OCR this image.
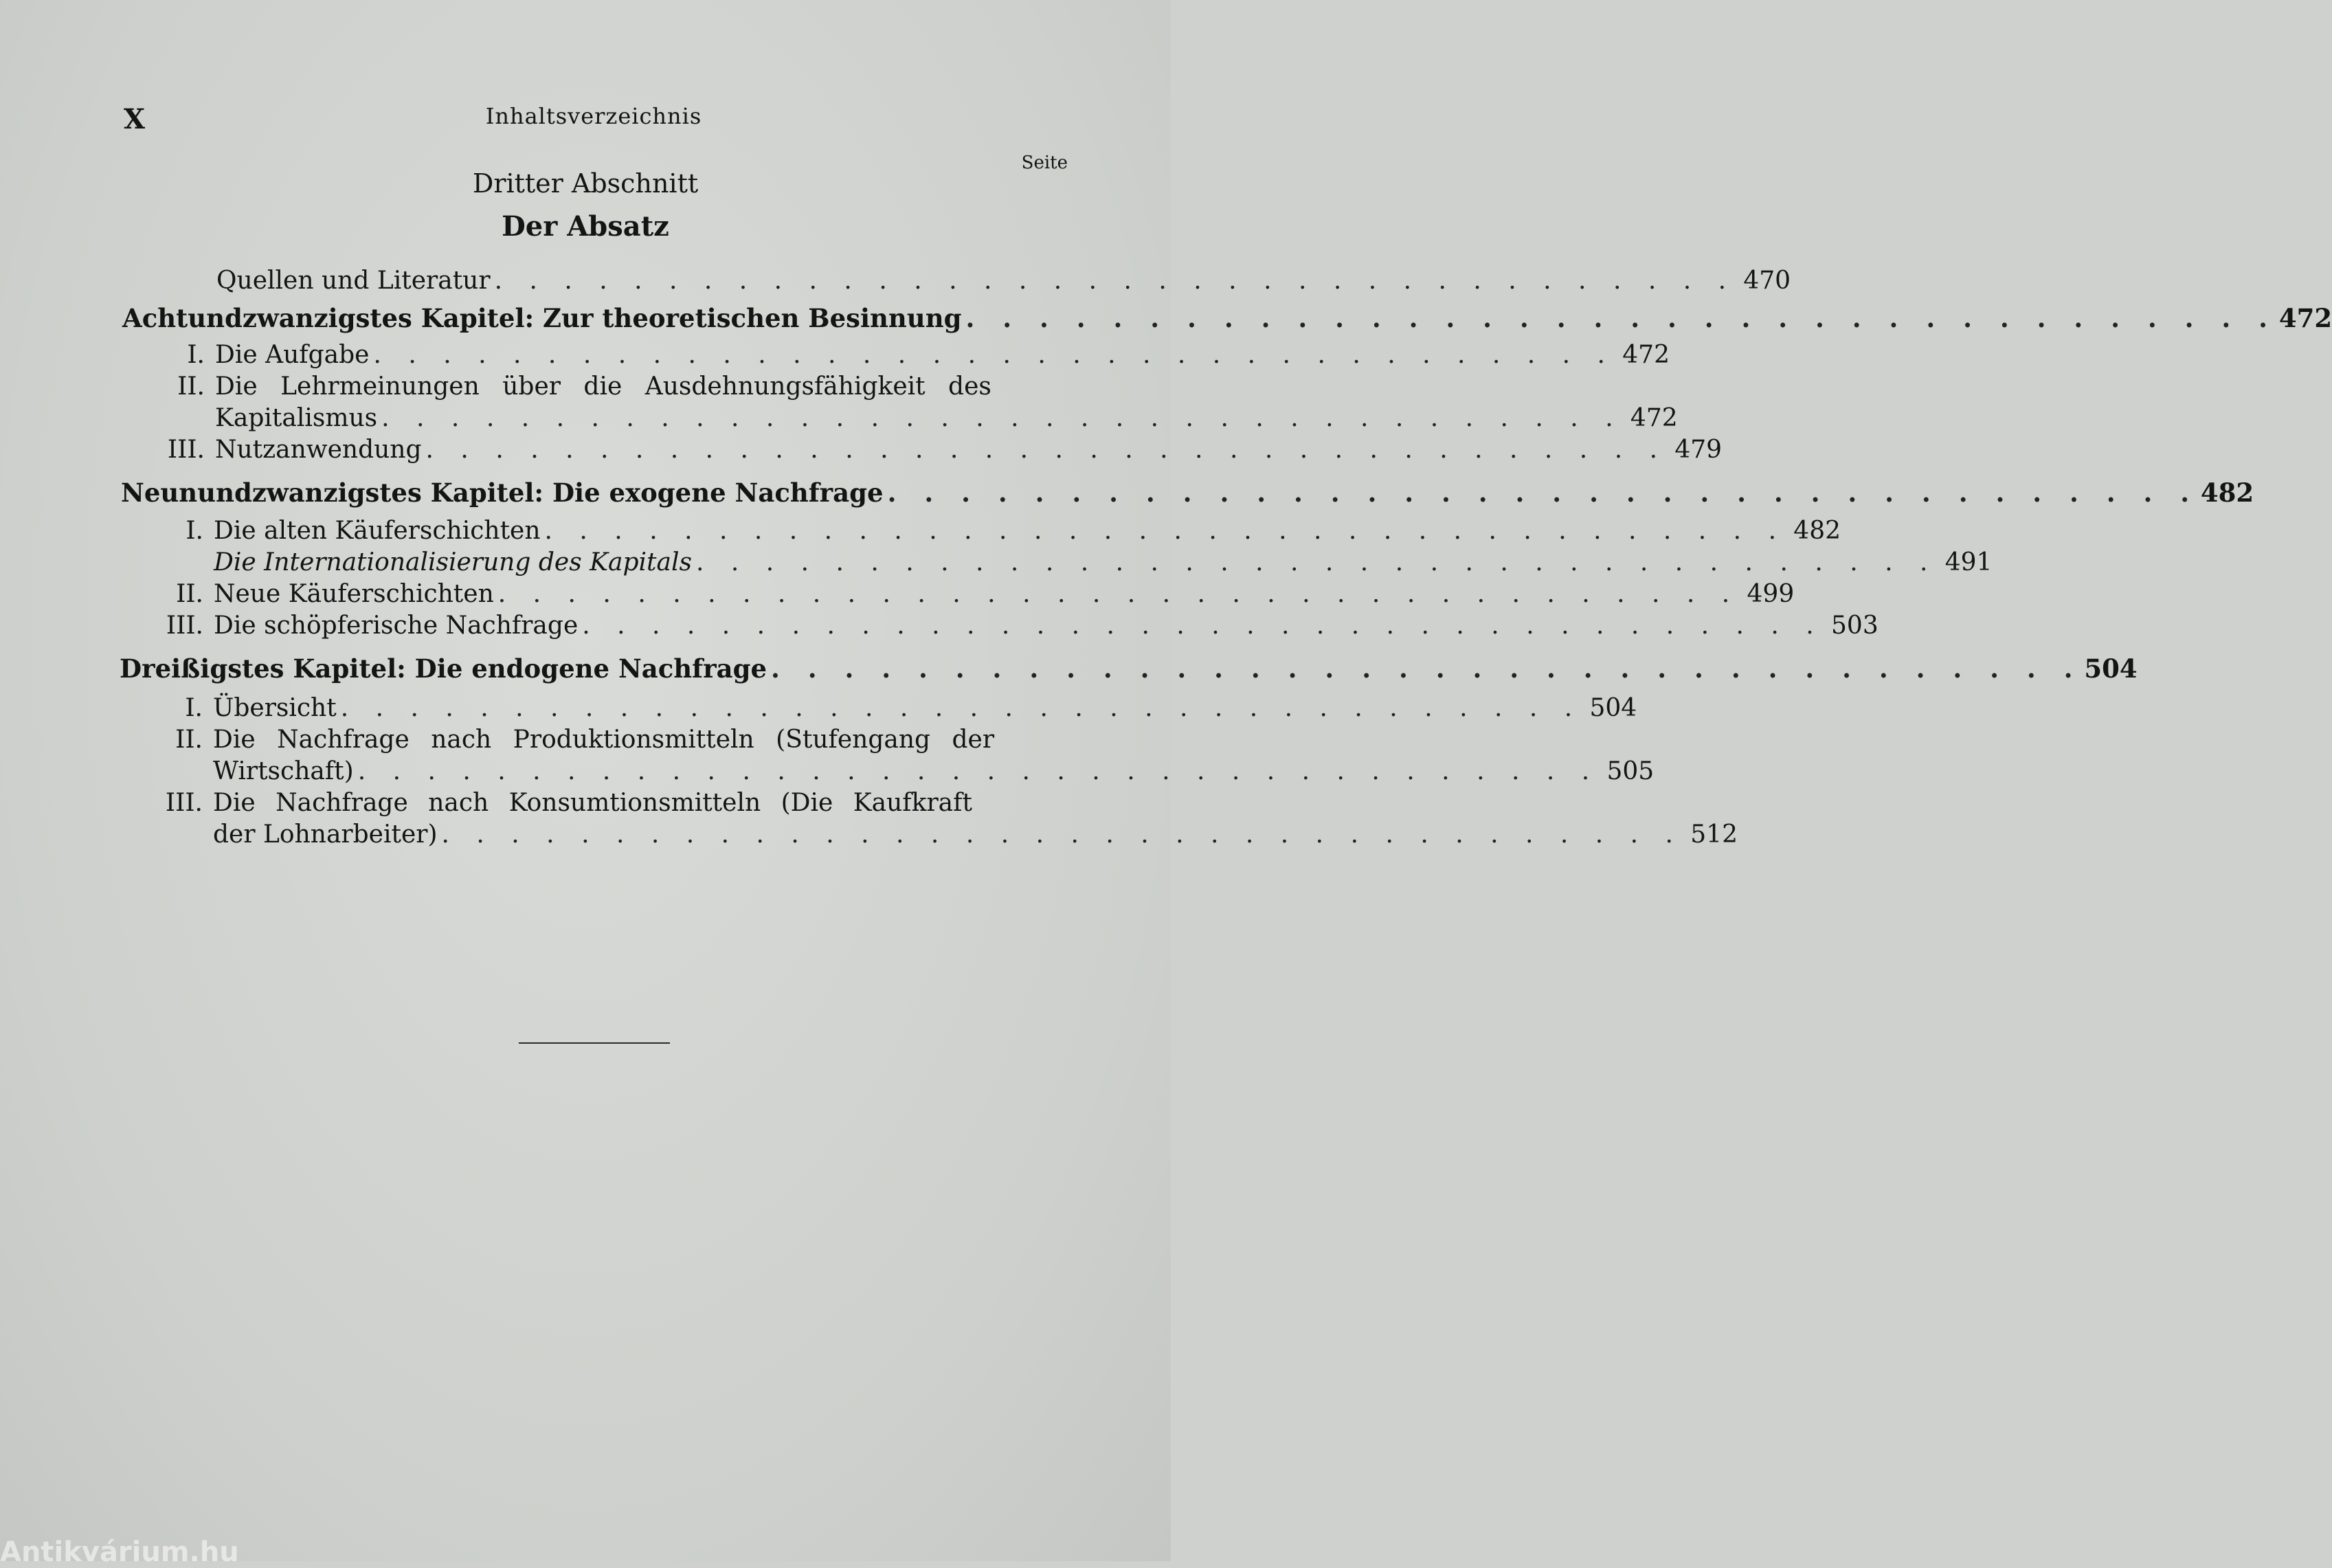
X	Inhaltsverzeichnis
Seite
Dritter Abschnitt
Der Absatz
Quellen und Literatur . . . . . . . . . . . . . . . . . . . . . . . . . . . . . . . . . . . . 470
Achtundzwanzigstes Kapitel: Zur theoretischen Besinnung . . . . . . . . . . . . . . . . . . . . . . . . . . . . . . . . . . . . 472
I. Die Aufgabe . . . . . . . . . . . . . . . . . . . . . . . . . . . . . . . . . . . . 472
II. Die Lehrmeinungen über die Ausdehnungsfähigkeit des
Kapitalismus . . . . . . . . . . . . . . . . . . . . . . . . . . . . . . . . . . . . 472
III. Nutzanwendung . . . . . . . . . . . . . . . . . . . . . . . . . . . . . . . . . . . . 479
Neunundzwanzigstes Kapitel: Die exogene Nachfrage . . . . . . . . . . . . . . . . . . . . . . . . . . . . . . . . . . . . 482
I. Die alten Käuferschichten . . . . . . . . . . . . . . . . . . . . . . . . . . . . . . . . . . . . 482
Die Internationalisierung des Kapitals . . . . . . . . . . . . . . . . . . . . . . . . . . . . . . . . . . . . 491
II. Neue Käuferschichten . . . . . . . . . . . . . . . . . . . . . . . . . . . . . . . . . . . . 499
III. Die schöpferische Nachfrage . . . . . . . . . . . . . . . . . . . . . . . . . . . . . . . . . . . . 503
Dreißigstes Kapitel: Die endogene Nachfrage . . . . . . . . . . . . . . . . . . . . . . . . . . . . . . . . . . . . 504
I. Übersicht . . . . . . . . . . . . . . . . . . . . . . . . . . . . . . . . . . . . 504
II. Die Nachfrage nach Produktionsmitteln (Stufengang der
Wirtschaft) . . . . . . . . . . . . . . . . . . . . . . . . . . . . . . . . . . . . 505
III. Die Nachfrage nach Konsumtionsmitteln (Die Kaufkraft
der Lohnarbeiter) . . . . . . . . . . . . . . . . . . . . . . . . . . . . . . . . . . . . 512
Antikvárium.hu
